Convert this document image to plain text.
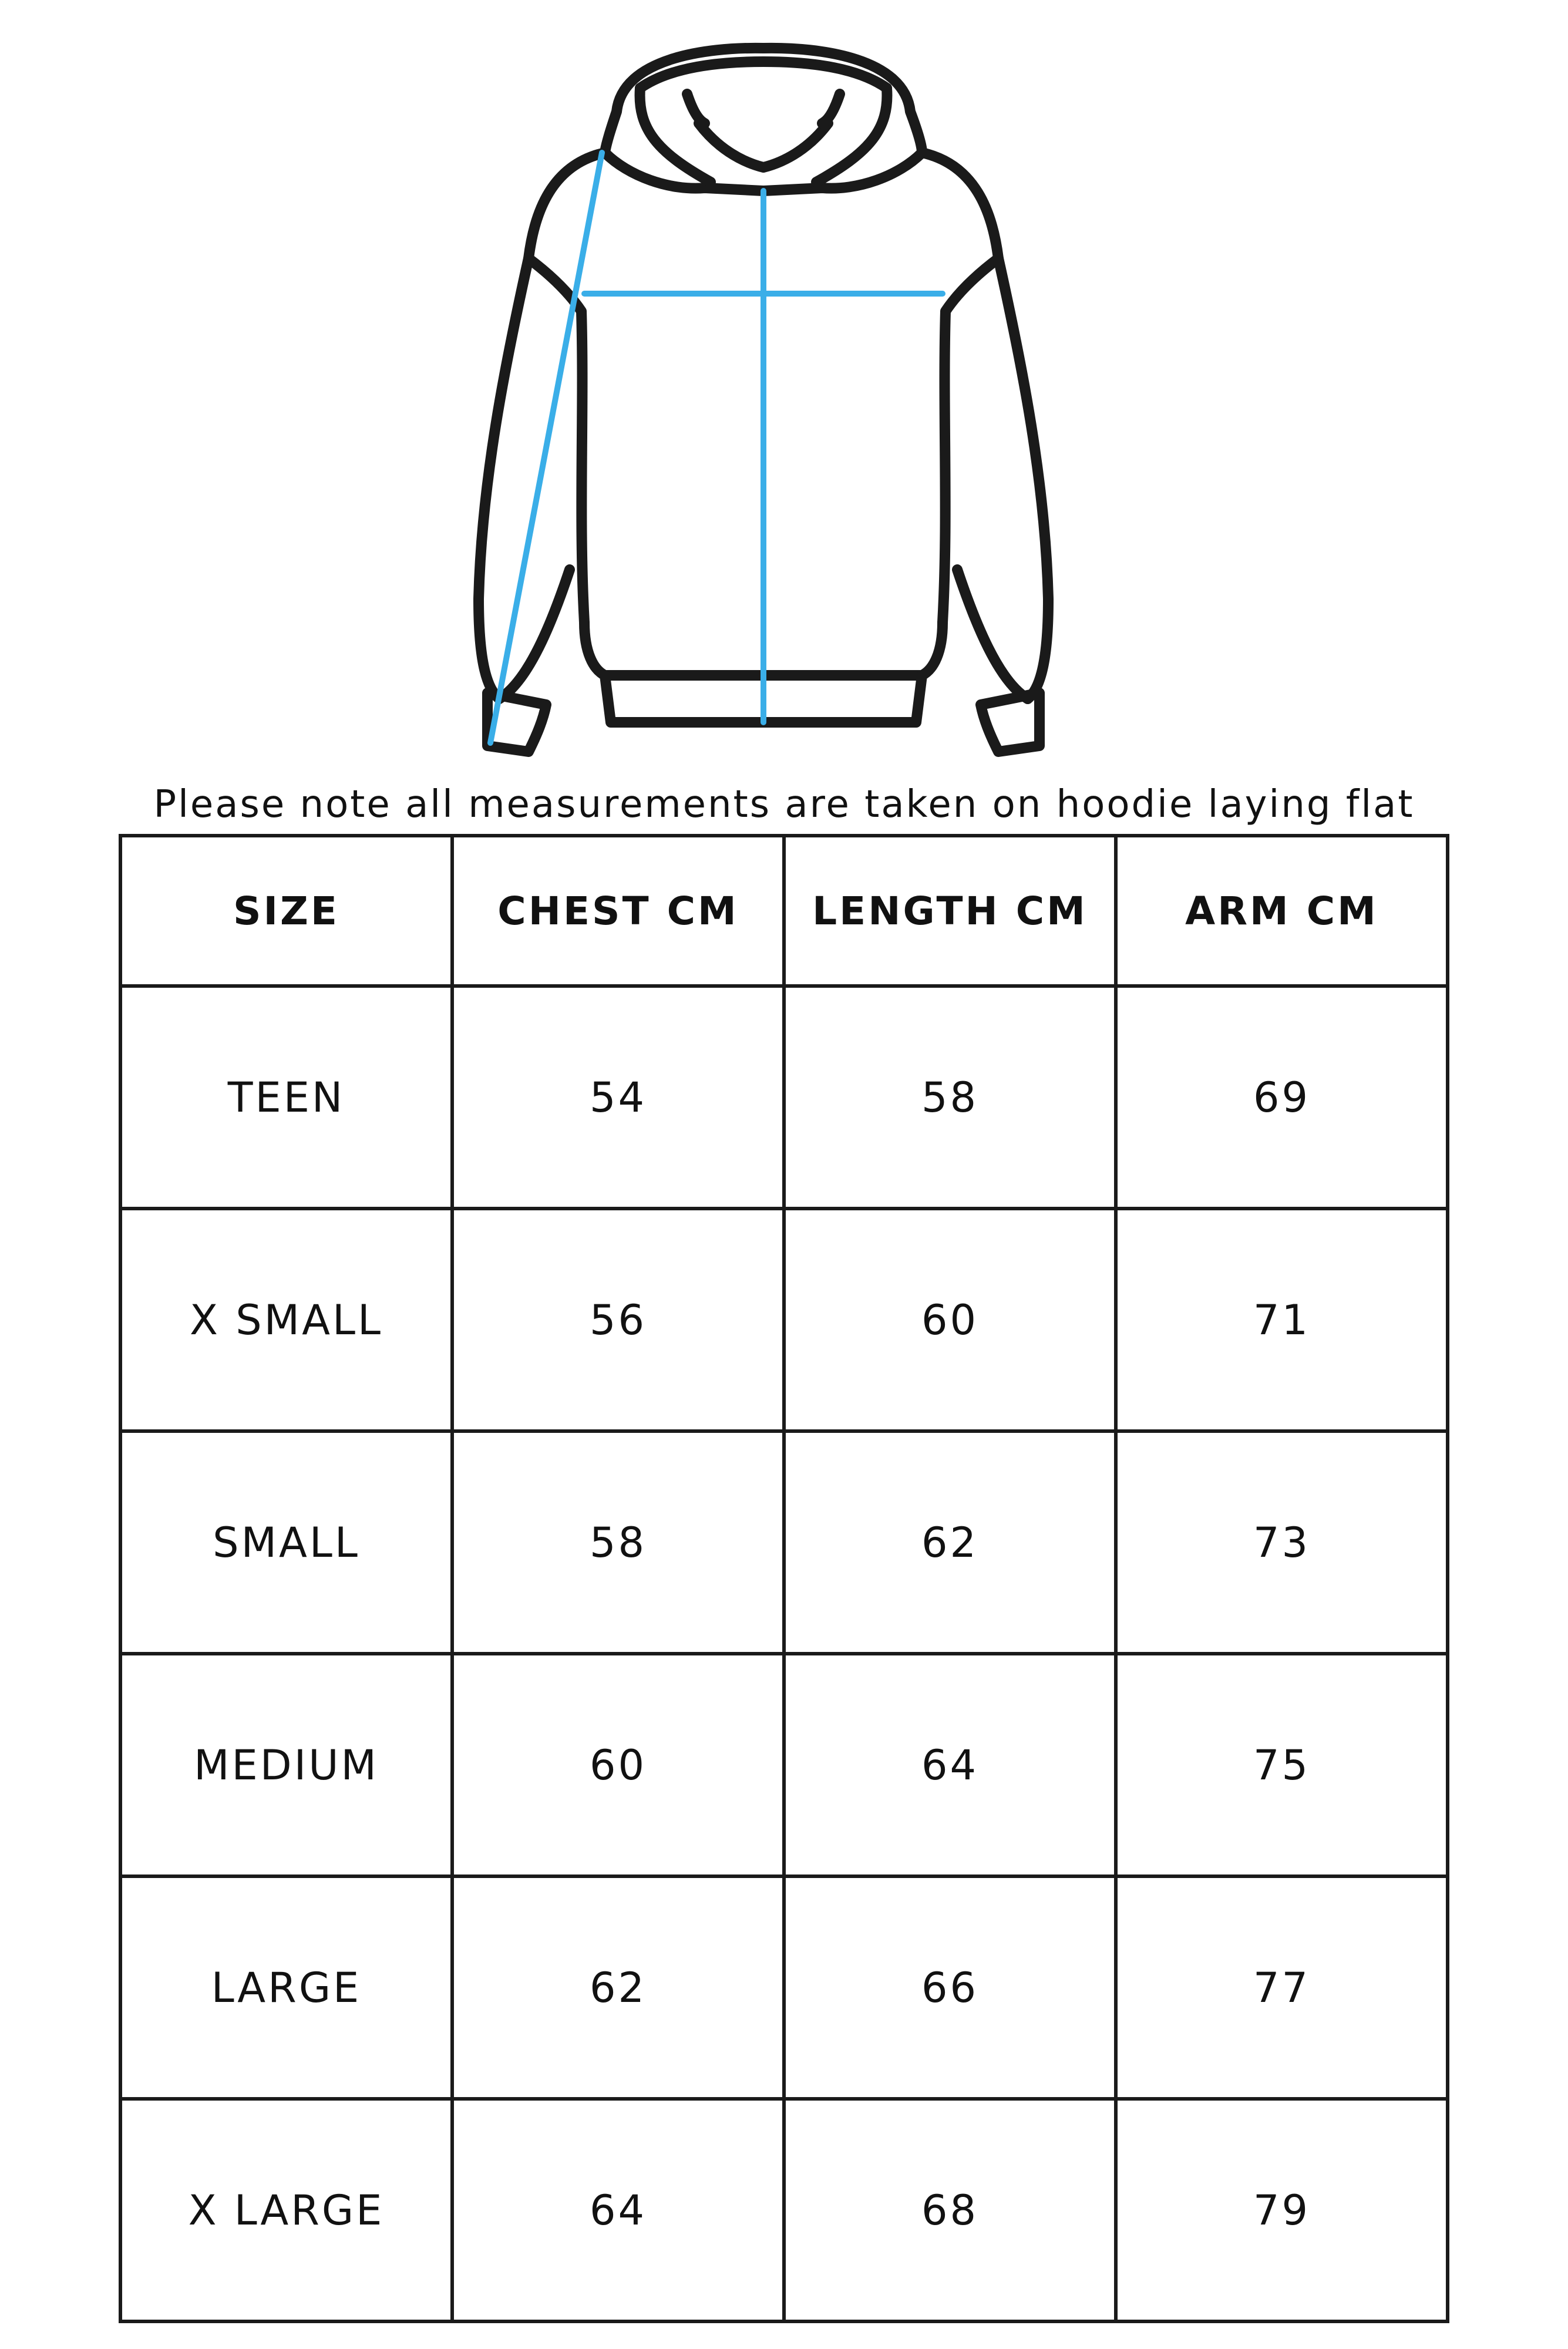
Please note all measurements are taken on hoodie laying flat
SIZE	CHEST CM	LENGTH CM	ARM CM
TEEN	54	58	69
X SMALL	56	60	71
SMALL	58	62	73
MEDIUM	60	64	75
LARGE	62	66	77
X LARGE	64	68	79
